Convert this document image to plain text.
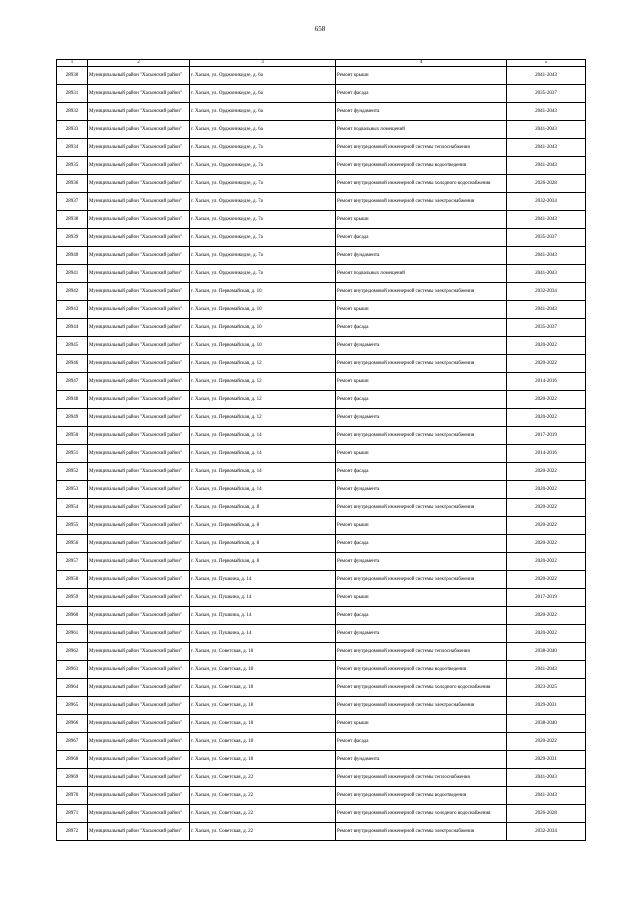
658
1	2	3	4	5
28930	Муниципальный район "Хасынский район"	г. Хасын, ул. Орджоникидзе, д. 6а	Ремонт крыши	2041-2043
28931	Муниципальный район "Хасынский район"	г. Хасын, ул. Орджоникидзе, д. 6а	Ремонт фасада	2035-2037
28932	Муниципальный район "Хасынский район"	г. Хасын, ул. Орджоникидзе, д. 6а	Ремонт фундамента	2041-2043
28933	Муниципальный район "Хасынский район"	г. Хасын, ул. Орджоникидзе, д. 6а	Ремонт подвальных помещений	2041-2043
28934	Муниципальный район "Хасынский район"	г. Хасын, ул. Орджоникидзе, д. 7а	Ремонт внутридомовой инженерной системы теплоснабжения	2041-2043
28935	Муниципальный район "Хасынский район"	г. Хасын, ул. Орджоникидзе, д. 7а	Ремонт внутридомовой инженерной системы водоотведения	2041-2043
28936	Муниципальный район "Хасынский район"	г. Хасын, ул. Орджоникидзе, д. 7а	Ремонт внутридомовой инженерной системы холодного водоснабжения	2026-2028
28937	Муниципальный район "Хасынский район"	г. Хасын, ул. Орджоникидзе, д. 7а	Ремонт внутридомовой инженерной системы электроснабжения	2032-2034
28938	Муниципальный район "Хасынский район"	г. Хасын, ул. Орджоникидзе, д. 7а	Ремонт крыши	2041-2043
28939	Муниципальный район "Хасынский район"	г. Хасын, ул. Орджоникидзе, д. 7а	Ремонт фасада	2035-2037
28940	Муниципальный район "Хасынский район"	г. Хасын, ул. Орджоникидзе, д. 7а	Ремонт фундамента	2041-2043
28941	Муниципальный район "Хасынский район"	г. Хасын, ул. Орджоникидзе, д. 7а	Ремонт подвальных помещений	2041-2043
28942	Муниципальный район "Хасынский район"	г. Хасын, ул. Первомайская, д. 10	Ремонт внутридомовой инженерной системы электроснабжения	2032-2034
28943	Муниципальный район "Хасынский район"	г. Хасын, ул. Первомайская, д. 10	Ремонт крыши	2041-2043
28944	Муниципальный район "Хасынский район"	г. Хасын, ул. Первомайская, д. 10	Ремонт фасада	2035-2037
28945	Муниципальный район "Хасынский район"	г. Хасын, ул. Первомайская, д. 10	Ремонт фундамента	2020-2022
28946	Муниципальный район "Хасынский район"	г. Хасын, ул. Первомайская, д. 12	Ремонт внутридомовой инженерной системы электроснабжения	2020-2022
28947	Муниципальный район "Хасынский район"	г. Хасын, ул. Первомайская, д. 12	Ремонт крыши	2014-2016
28948	Муниципальный район "Хасынский район"	г. Хасын, ул. Первомайская, д. 12	Ремонт фасада	2020-2022
28949	Муниципальный район "Хасынский район"	г. Хасын, ул. Первомайская, д. 12	Ремонт фундамента	2020-2022
28950	Муниципальный район "Хасынский район"	г. Хасын, ул. Первомайская, д. 14	Ремонт внутридомовой инженерной системы электроснабжения	2017-2019
28951	Муниципальный район "Хасынский район"	г. Хасын, ул. Первомайская, д. 14	Ремонт крыши	2014-2016
28952	Муниципальный район "Хасынский район"	г. Хасын, ул. Первомайская, д. 14	Ремонт фасада	2020-2022
28953	Муниципальный район "Хасынский район"	г. Хасын, ул. Первомайская, д. 14	Ремонт фундамента	2020-2022
28954	Муниципальный район "Хасынский район"	г. Хасын, ул. Первомайская, д. 8	Ремонт внутридомовой инженерной системы электроснабжения	2020-2022
28955	Муниципальный район "Хасынский район"	г. Хасын, ул. Первомайская, д. 8	Ремонт крыши	2020-2022
28956	Муниципальный район "Хасынский район"	г. Хасын, ул. Первомайская, д. 8	Ремонт фасада	2020-2022
28957	Муниципальный район "Хасынский район"	г. Хасын, ул. Первомайская, д. 8	Ремонт фундамента	2020-2022
28958	Муниципальный район "Хасынский район"	г. Хасын, ул. Пушкина, д. 14	Ремонт внутридомовой инженерной системы электроснабжения	2020-2022
28959	Муниципальный район "Хасынский район"	г. Хасын, ул. Пушкина, д. 14	Ремонт крыши	2017-2019
28960	Муниципальный район "Хасынский район"	г. Хасын, ул. Пушкина, д. 14	Ремонт фасада	2020-2022
28961	Муниципальный район "Хасынский район"	г. Хасын, ул. Пушкина, д. 14	Ремонт фундамента	2020-2022
28962	Муниципальный район "Хасынский район"	г. Хасын, ул. Советская, д. 18	Ремонт внутридомовой инженерной системы теплоснабжения	2038-2040
28963	Муниципальный район "Хасынский район"	г. Хасын, ул. Советская, д. 18	Ремонт внутридомовой инженерной системы водоотведения	2041-2043
28964	Муниципальный район "Хасынский район"	г. Хасын, ул. Советская, д. 18	Ремонт внутридомовой инженерной системы холодного водоснабжения	2023-2025
28965	Муниципальный район "Хасынский район"	г. Хасын, ул. Советская, д. 18	Ремонт внутридомовой инженерной системы электроснабжения	2029-2031
28966	Муниципальный район "Хасынский район"	г. Хасын, ул. Советская, д. 18	Ремонт крыши	2038-2040
28967	Муниципальный район "Хасынский район"	г. Хасын, ул. Советская, д. 18	Ремонт фасада	2020-2022
28968	Муниципальный район "Хасынский район"	г. Хасын, ул. Советская, д. 18	Ремонт фундамента	2029-2031
28969	Муниципальный район "Хасынский район"	г. Хасын, ул. Советская, д. 22	Ремонт внутридомовой инженерной системы теплоснабжения	2041-2043
28970	Муниципальный район "Хасынский район"	г. Хасын, ул. Советская, д. 22	Ремонт внутридомовой инженерной системы водоотведения	2041-2043
28971	Муниципальный район "Хасынский район"	г. Хасын, ул. Советская, д. 22	Ремонт внутридомовой инженерной системы холодного водоснабжения	2026-2028
28972	Муниципальный район "Хасынский район"	г. Хасын, ул. Советская, д. 22	Ремонт внутридомовой инженерной системы электроснабжения	2032-2034
